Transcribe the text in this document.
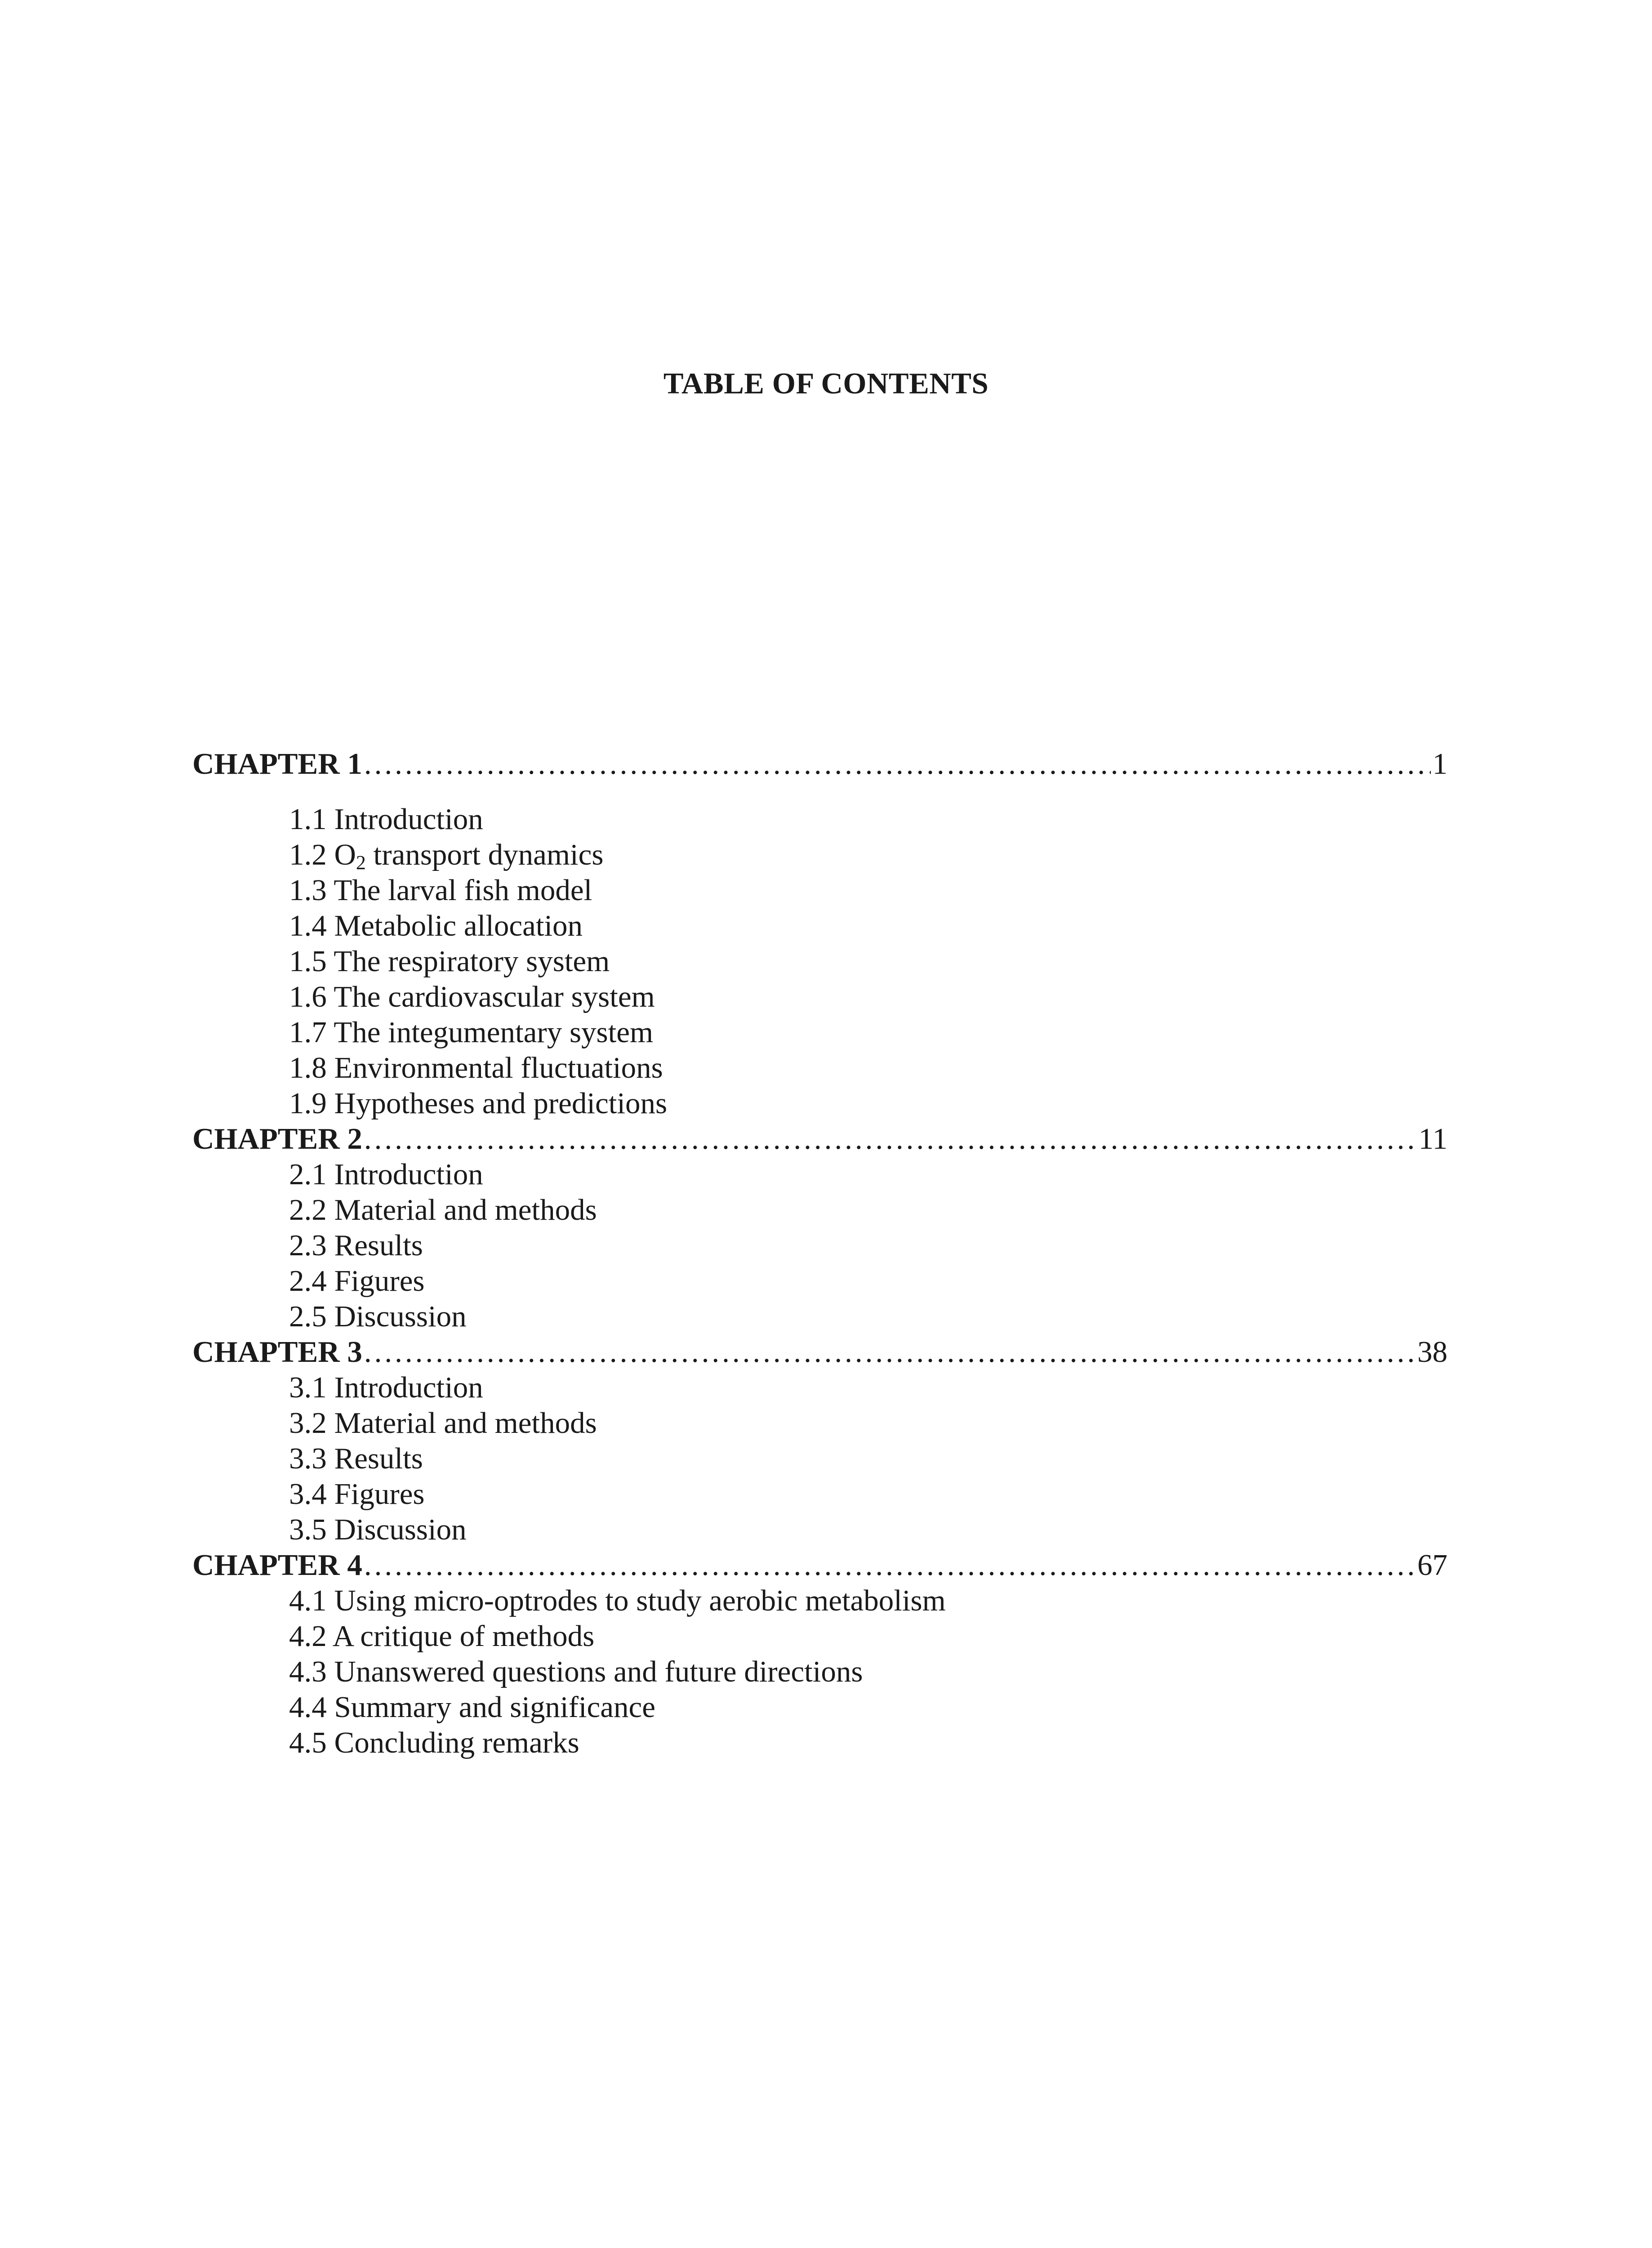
TABLE OF CONTENTS
CHAPTER 1 .....	1
1.1 Introduction
1.2 O2 transport dynamics
1.3 The larval fish model
1.4 Metabolic allocation
1.5 The respiratory system
1.6 The cardiovascular system
1.7 The integumentary system
1.8 Environmental fluctuations
1.9 Hypotheses and predictions
CHAPTER 2 .....	11
2.1 Introduction
2.2 Material and methods
2.3 Results
2.4 Figures
2.5 Discussion
CHAPTER 3 .....	38
3.1 Introduction
3.2 Material and methods
3.3 Results
3.4 Figures
3.5 Discussion
CHAPTER 4 .....	67
4.1 Using micro-optrodes to study aerobic metabolism
4.2 A critique of methods
4.3 Unanswered questions and future directions
4.4 Summary and significance
4.5 Concluding remarks
